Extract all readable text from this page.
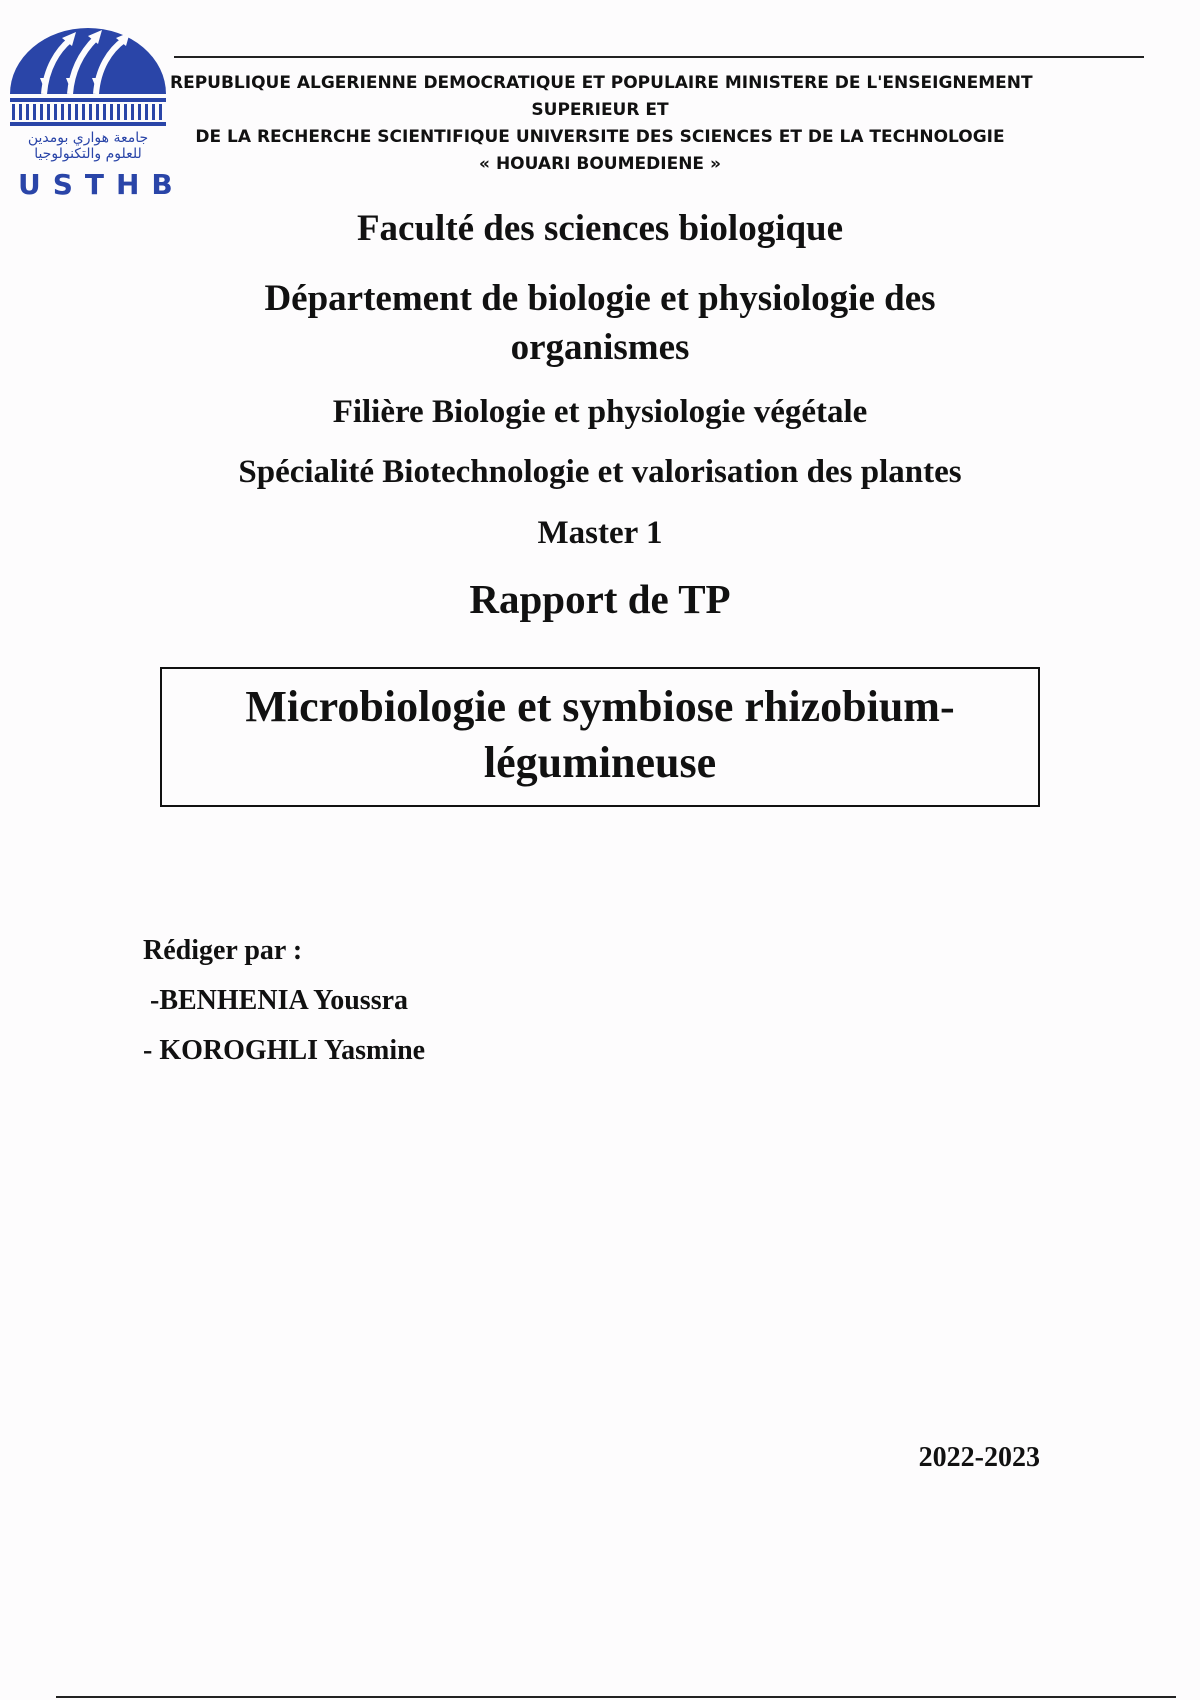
جامعة هواري بومدين
للعلوم والتكنولوجيا
USTHB
REPUBLIQUE ALGERIENNE DEMOCRATIQUE ET POPULAIRE MINISTERE DE L'ENSEIGNEMENT
SUPERIEUR ET
DE LA RECHERCHE SCIENTIFIQUE UNIVERSITE DES SCIENCES ET DE LA TECHNOLOGIE
« HOUARI BOUMEDIENE »
Faculté des sciences biologique
Département de biologie et physiologie des
organismes
Filière Biologie et physiologie végétale
Spécialité Biotechnologie et valorisation des plantes
Master 1
Rapport de TP
Microbiologie et symbiose rhizobium-
légumineuse
Rédiger par :
-BENHENIA Youssra
- KOROGHLI Yasmine
2022-2023
